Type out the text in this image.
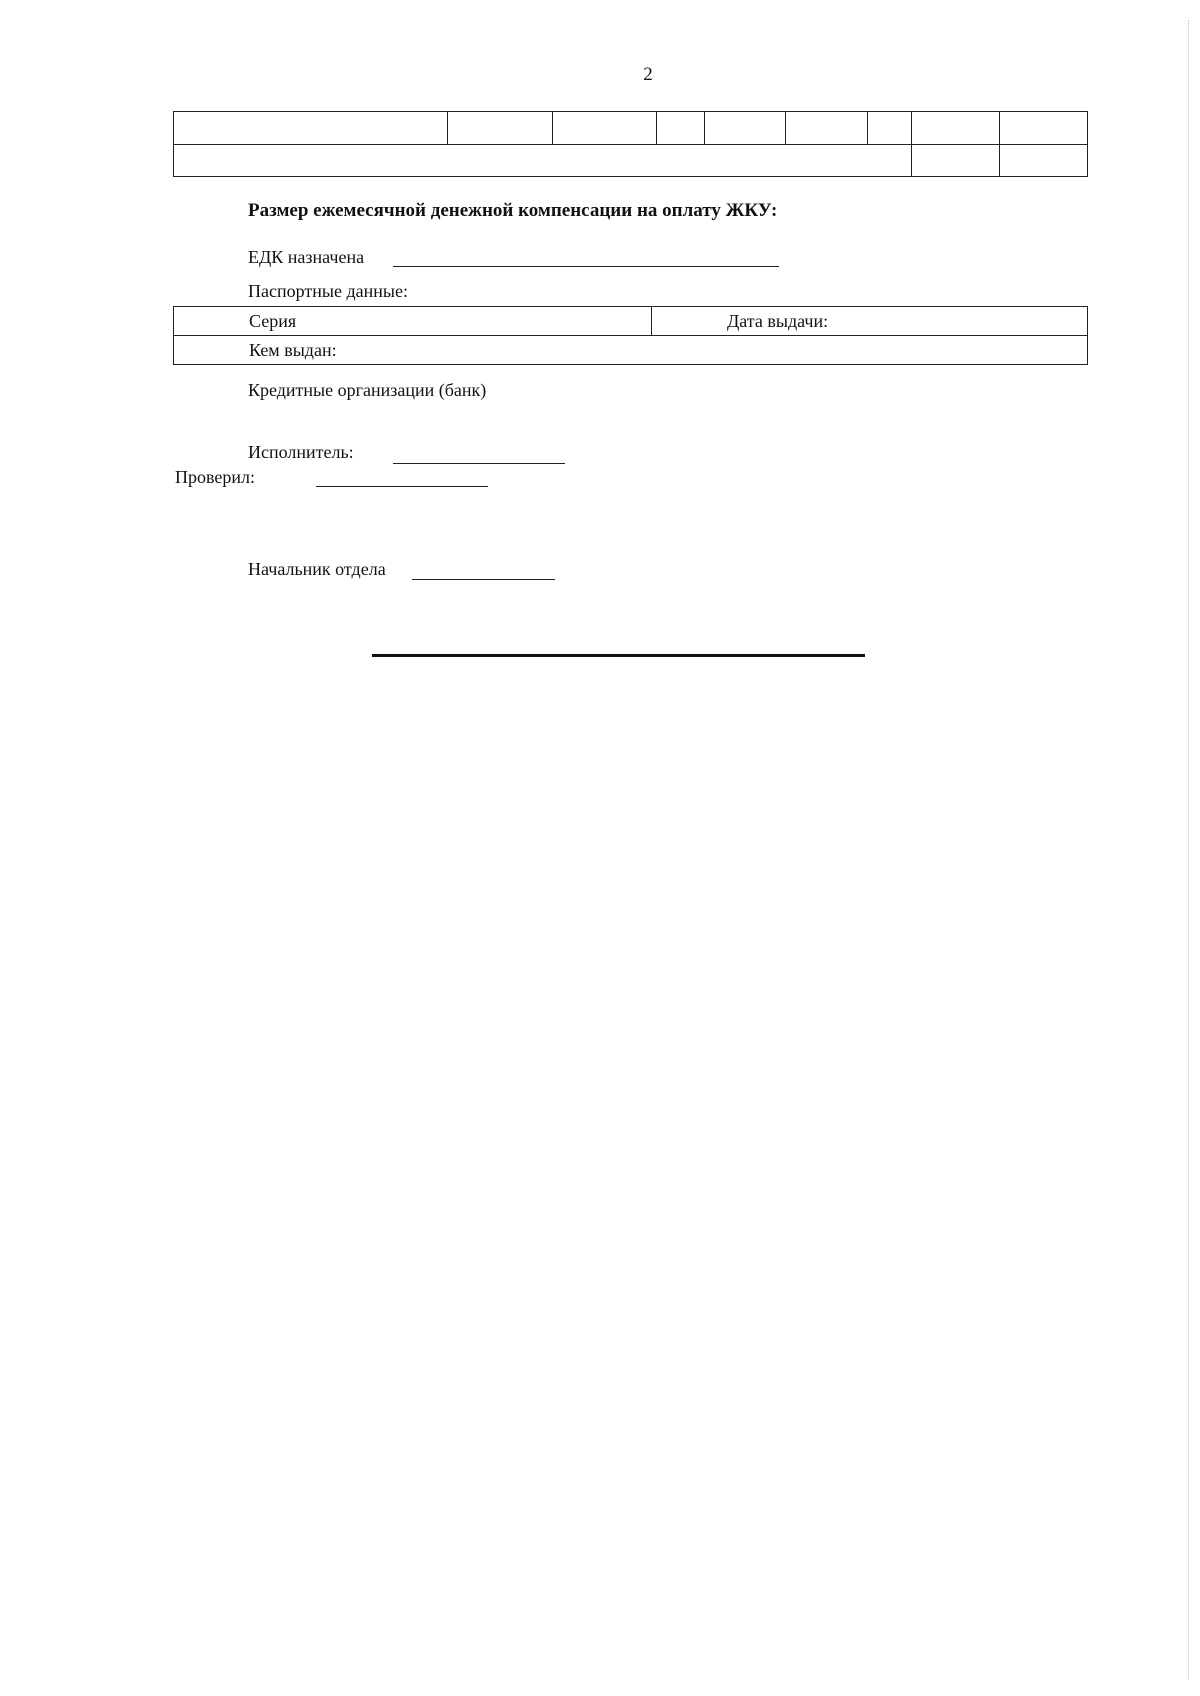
2

Размер ежемесячной денежной компенсации на оплату ЖКУ:
ЕДК назначена
Паспортные данные:
Серия	Дата выдачи:
Кем выдан:
Кредитные организации (банк)
Исполнитель:
Проверил:
Начальник отдела
